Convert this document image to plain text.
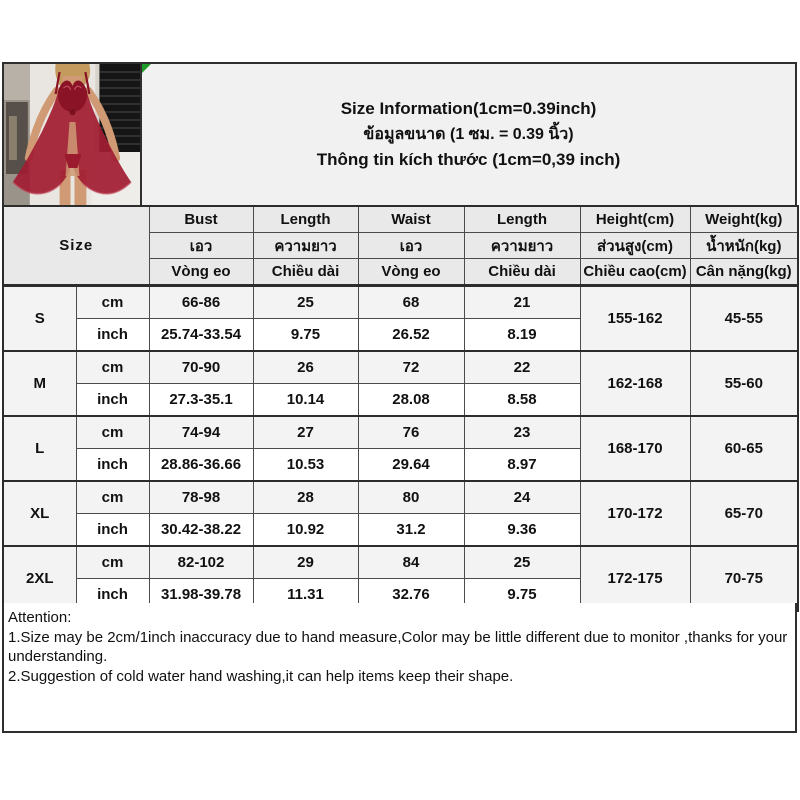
Size Information(1cm=0.39inch)
ข้อมูลขนาด (1 ซม. = 0.39 นิ้ว)
Thông tin kích thước (1cm=0,39 inch)
Size		Bust	Length	Waist	Length	Height(cm)	Weight(kg)
		เอว	ความยาว	เอว	ความยาว	ส่วนสูง(cm)	น้ำหนัก(kg)
		Vòng eo	Chiều dài	Vòng eo	Chiều dài	Chiều cao(cm)	Cân nặng(kg)
S	cm	66-86	25	68	21	155-162	45-55
	inch	25.74-33.54	9.75	26.52	8.19		
M	cm	70-90	26	72	22	162-168	55-60
	inch	27.3-35.1	10.14	28.08	8.58		
L	cm	74-94	27	76	23	168-170	60-65
	inch	28.86-36.66	10.53	29.64	8.97		
XL	cm	78-98	28	80	24	170-172	65-70
	inch	30.42-38.22	10.92	31.2	9.36		
2XL	cm	82-102	29	84	25	172-175	70-75
	inch	31.98-39.78	11.31	32.76	9.75		
Attention:
1.Size may be 2cm/1inch inaccuracy due to hand measure,Color may be little different due to monitor ,thanks for your understanding.
2.Suggestion of cold water hand washing,it can help items keep their shape.
